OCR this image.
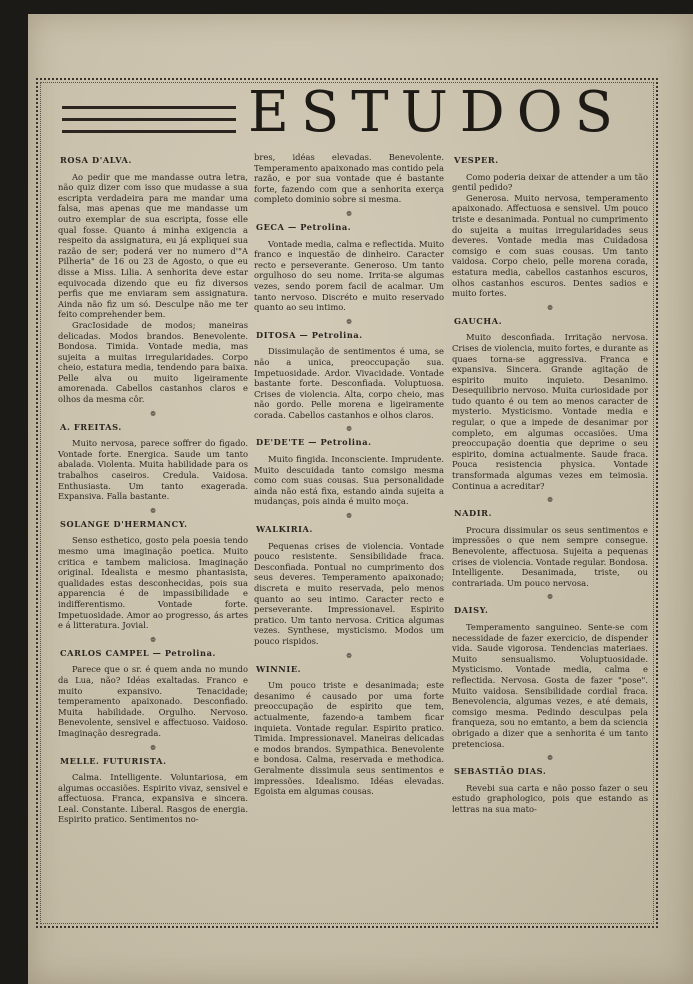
ESTUDOS
ROSA D'ALVA.
Ao pedir que me mandasse outra letra, não quiz dizer com isso que mudasse a sua escripta verdadeira para me mandar uma falsa, mas apenas que me mandasse um outro exemplar de sua escripta, fosse elle qual fosse. Quanto á minha exigencia a respeito da assignatura, eu já expliquei sua razão de ser; poderá ver no numero d'"A Pilheria" de 16 ou 23 de Agosto, o que eu disse a Miss. Lilia. A senhorita deve estar equivocada dizendo que eu fiz diversos perfis que me enviaram sem assignatura. Ainda não fiz um só. Desculpe não me ter feito comprehender bem.
GracIosidade de modos; maneiras delicadas. Modos brandos. Benevolente. Bondosa. Timida. Vontade media, mas sujeita a muitas irregularidades. Corpo cheio, estatura media, tendendo para baixa. Pelle alva ou muito ligeiramente amorenada. Cabellos castanhos claros e olhos da mesma côr.
❁
A. FREITAS.
Muito nervosa, parece soffrer do figado. Vontade forte. Energica. Saude um tanto abalada. Violenta. Muita habilidade para os trabalhos caseiros. Credula. Vaidosa. Enthusiasta. Um tanto exagerada. Expansiva. Falla bastante.
❁
SOLANGE D'HERMANCY.
Senso esthetico, gosto pela poesia tendo mesmo uma imaginação poetica. Muito critica e tambem maliciosa. Imaginação original. Idealista e mesmo phantasista, qualidades estas desconhecidas, pois sua apparencia é de impassibilidade e indifferentismo. Vontade forte. Impetuosidade. Amor ao progresso, ás artes e á litteratura. Jovial.
❁
CARLOS CAMPEL — Petrolina.
Parece que o sr. é quem anda no mundo da Lua, não? Idéas exaltadas. Franco e muito expansivo. Tenacidade; temperamento apaixonado. Desconfiado. Muita habilidade. Orgulho. Nervoso. Benevolente, sensivel e affectuoso. Vaidoso. Imaginação desregrada.
❁
MELLE. FUTURISTA.
Calma. Intelligente. Voluntariosa, em algumas occasiões. Espirito vivaz, sensivel e affectuosa. Franca, expansiva e sincera. Leal. Constante. Liberal. Rasgos de energia. Espirito pratico. Sentimentos no-
bres, idéas elevadas. Benevolente. Temperamento apaixonado mas contido pela razão, e por sua vontade que é bastante forte, fazendo com que a senhorita exerça completo dominio sobre si mesma.
❁
GECA — Petrolina.
Vontade media, calma e reflectida. Muito franco e inquestão de dinheiro. Caracter recto e perseverante. Generoso. Um tanto orgulhoso do seu nome. Irrita-se algumas vezes, sendo porem facil de acalmar. Um tanto nervoso. Discréto e muito reservado quanto ao seu intimo.
❁
DITOSA — Petrolina.
Dissimulação de sentimentos é uma, se não a unica, preoccupação sua. Impetuosidade. Ardor. Vivacidade. Vontade bastante forte. Desconfiada. Voluptuosa. Crises de violencia. Alta, corpo cheio, mas não gordo. Pelle morena e ligeiramente corada. Cabellos castanhos e olhos claros.
❁
DE'DE'TE — Petrolina.
Muito fingida. Inconsciente. Imprudente. Muito descuidada tanto comsigo mesma como com suas cousas. Sua personalidade ainda não está fixa, estando ainda sujeita a mudanças, pois ainda é muito moça.
❁
WALKIRIA.
Pequenas crises de violencia. Vontade pouco resistente. Sensibilidade fraca. Desconfiada. Pontual no cumprimento dos seus deveres. Temperamento apaixonado; discreta e muito reservada, pelo menos quanto ao seu intimo. Caracter recto e perseverante. Impressionavel. Espirito pratico. Um tanto nervosa. Critica algumas vezes. Synthese, mysticismo. Modos um pouco rispidos.
❁
WINNIE.
Um pouco triste e desanimada; este desanimo é causado por uma forte preoccupação de espirito que tem, actualmente, fazendo-a tambem ficar inquieta. Vontade regular. Espirito pratico. Timida. Impressionavel. Maneiras delicadas e modos brandos. Sympathica. Benevolente e bondosa. Calma, reservada e methodica. Geralmente dissimula seus sentimentos e impressões. Idealismo. Idéas elevadas. Egoista em algumas cousas.
VESPER.
Como poderia deixar de attender a um tão gentil pedido?
Generosa. Muito nervosa, temperamento apaixonado. Affectuosa e sensivel. Um pouco triste e desanimada. Pontual no cumprimento do sujeita a muitas irregularidades seus deveres. Vontade media mas Cuidadosa comsigo e com suas cousas. Um tanto vaidosa. Corpo cheio, pelle morena corada, estatura media, cabellos castanhos escuros, olhos castanhos escuros. Dentes sadios e muito fortes.
❁
GAUCHA.
Muito desconfiada. Irritação nervosa. Crises de violencia, muito fortes, e durante as quaes torna-se aggressiva. Franca e expansiva. Sincera. Grande agitação de espirito muito inquieto. Desanimo. Desequilibrio nervoso. Muita curiosidade por tudo quanto é ou tem ao menos caracter de mysterio. Mysticismo. Vontade media e regular, o que a impede de desanimar por completo, em algumas occasiões. Uma preoccupação doentia que deprime o seu espirito, domina actualmente. Saude fraca. Pouca resistencia physica. Vontade transformada algumas vezes em teimosia. Continua a acreditar?
❁
NADIR.
Procura dissimular os seus sentimentos e impressões o que nem sempre consegue. Benevolente, affectuosa. Sujeita a pequenas crises de violencia. Vontade regular. Bondosa. Intelligente. Desanimada, triste, ou contrariada. Um pouco nervosa.
❁
DAISY.
Temperamento sanguineo. Sente-se com necessidade de fazer exercicio, de dispender vida. Saude vigorosa. Tendencias materiaes. Muito sensualismo. Voluptuosidade. Mysticismo. Vontade media, calma e reflectida. Nervosa. Gosta de fazer "pose". Muito vaidosa. Sensibilidade cordial fraca. Benevolencia, algumas vezes, e até demais, comsigo mesma. Pedindo desculpas pela franqueza, sou no emtanto, a bem da sciencia obrigado a dizer que a senhorita é um tanto pretenciosa.
❁
SEBASTIÃO DIAS.
Revebi sua carta e não posso fazer o seu estudo graphologico, pois que estando as lettras na sua mato-
